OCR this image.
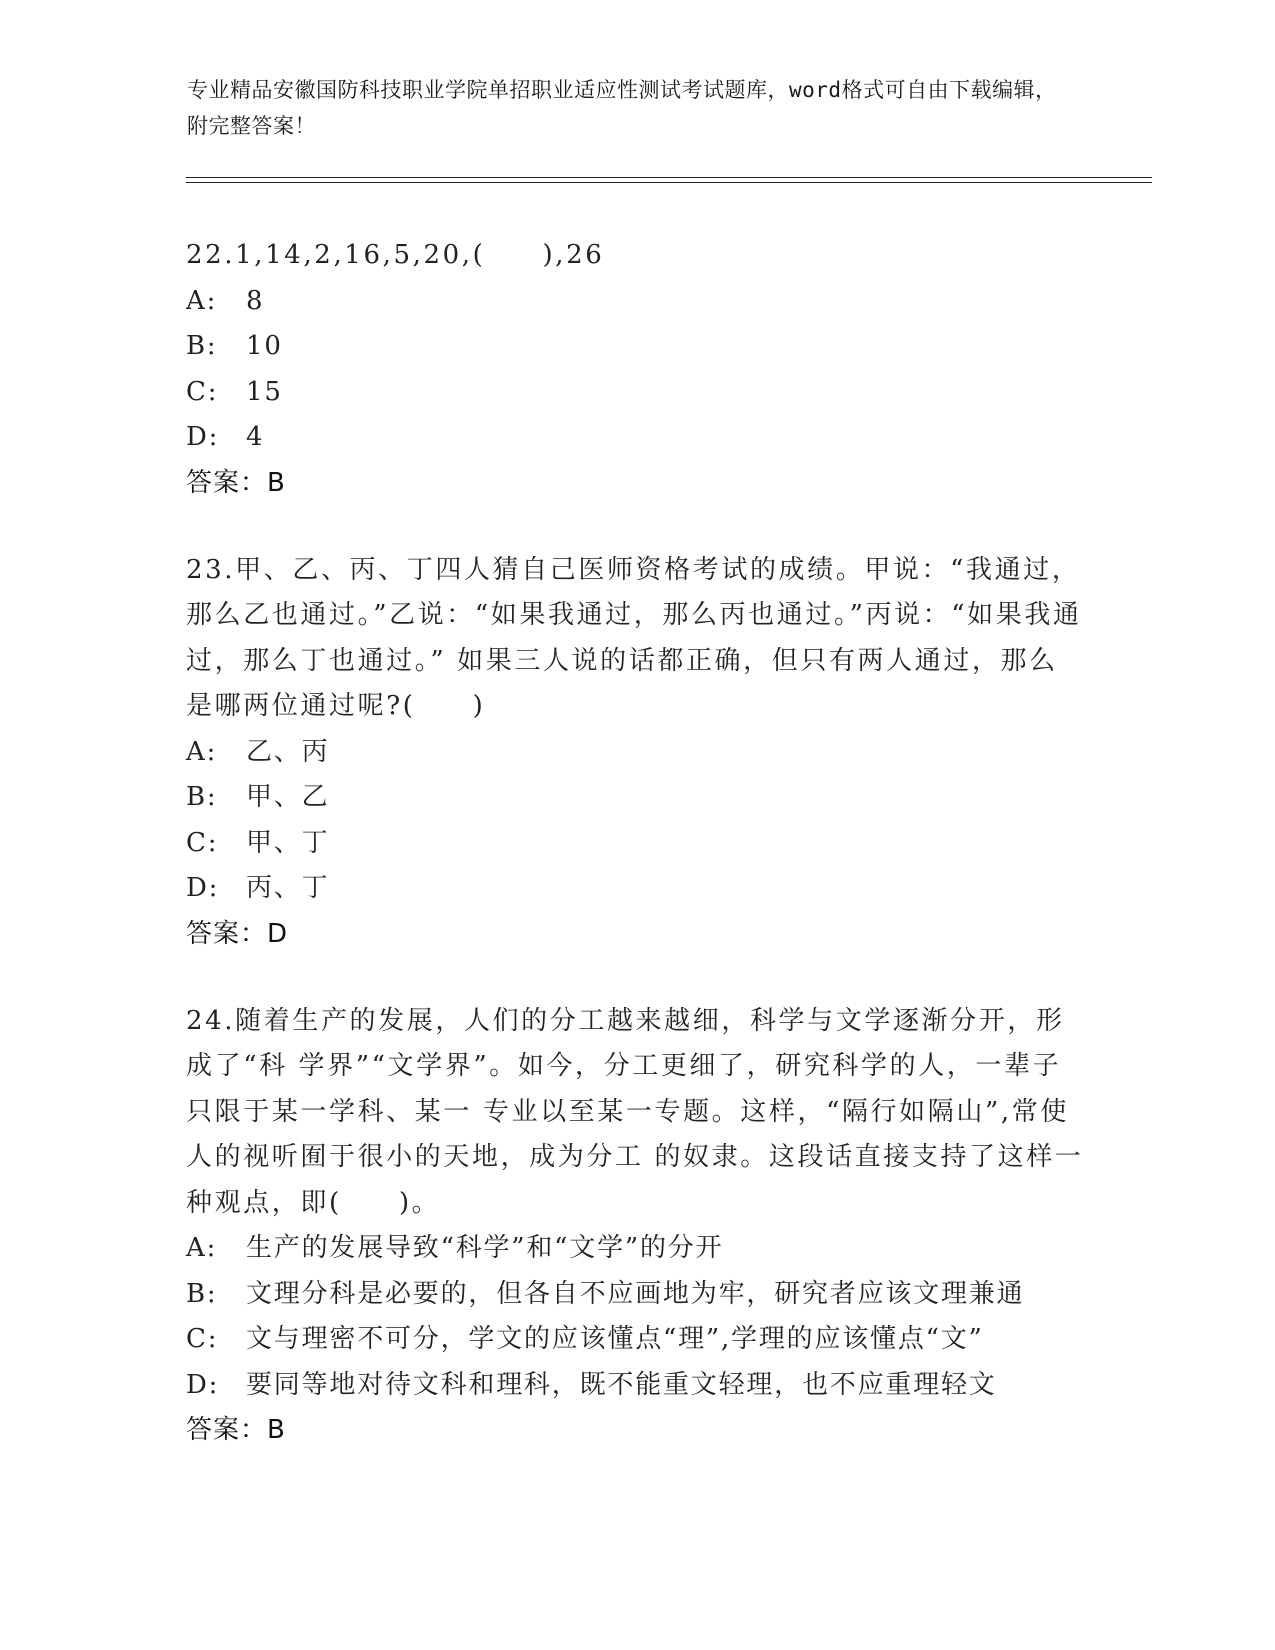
专业精品安徽国防科技职业学院单招职业适应性测试考试题库，word格式可自由下载编辑，附完整答案！
22.1,14,2,16,5,20,(　　),26
A: 8
B: 10
C: 15
D: 4
答案：B
23.甲、乙、丙、丁四人猜自己医师资格考试的成绩。甲说：“我通过，那么乙也通过。”乙说：“如果我通过，那么丙也通过。”丙说：“如果我通过，那么丁也通过。” 如果三人说的话都正确，但只有两人通过，那么是哪两位通过呢?(　　)
A: 乙、丙
B: 甲、乙
C: 甲、丁
D: 丙、丁
答案：D
24.随着生产的发展，人们的分工越来越细，科学与文学逐渐分开，形成了“科 学界”“文学界”。如今，分工更细了，研究科学的人，一辈子只限于某一学科、某一 专业以至某一专题。这样，“隔行如隔山”,常使人的视听囿于很小的天地，成为分工 的奴隶。这段话直接支持了这样一种观点，即(　　)。
A: 生产的发展导致“科学”和“文学”的分开
B: 文理分科是必要的，但各自不应画地为牢，研究者应该文理兼通
C: 文与理密不可分，学文的应该懂点“理”,学理的应该懂点“文”
D: 要同等地对待文科和理科，既不能重文轻理，也不应重理轻文
答案：B
